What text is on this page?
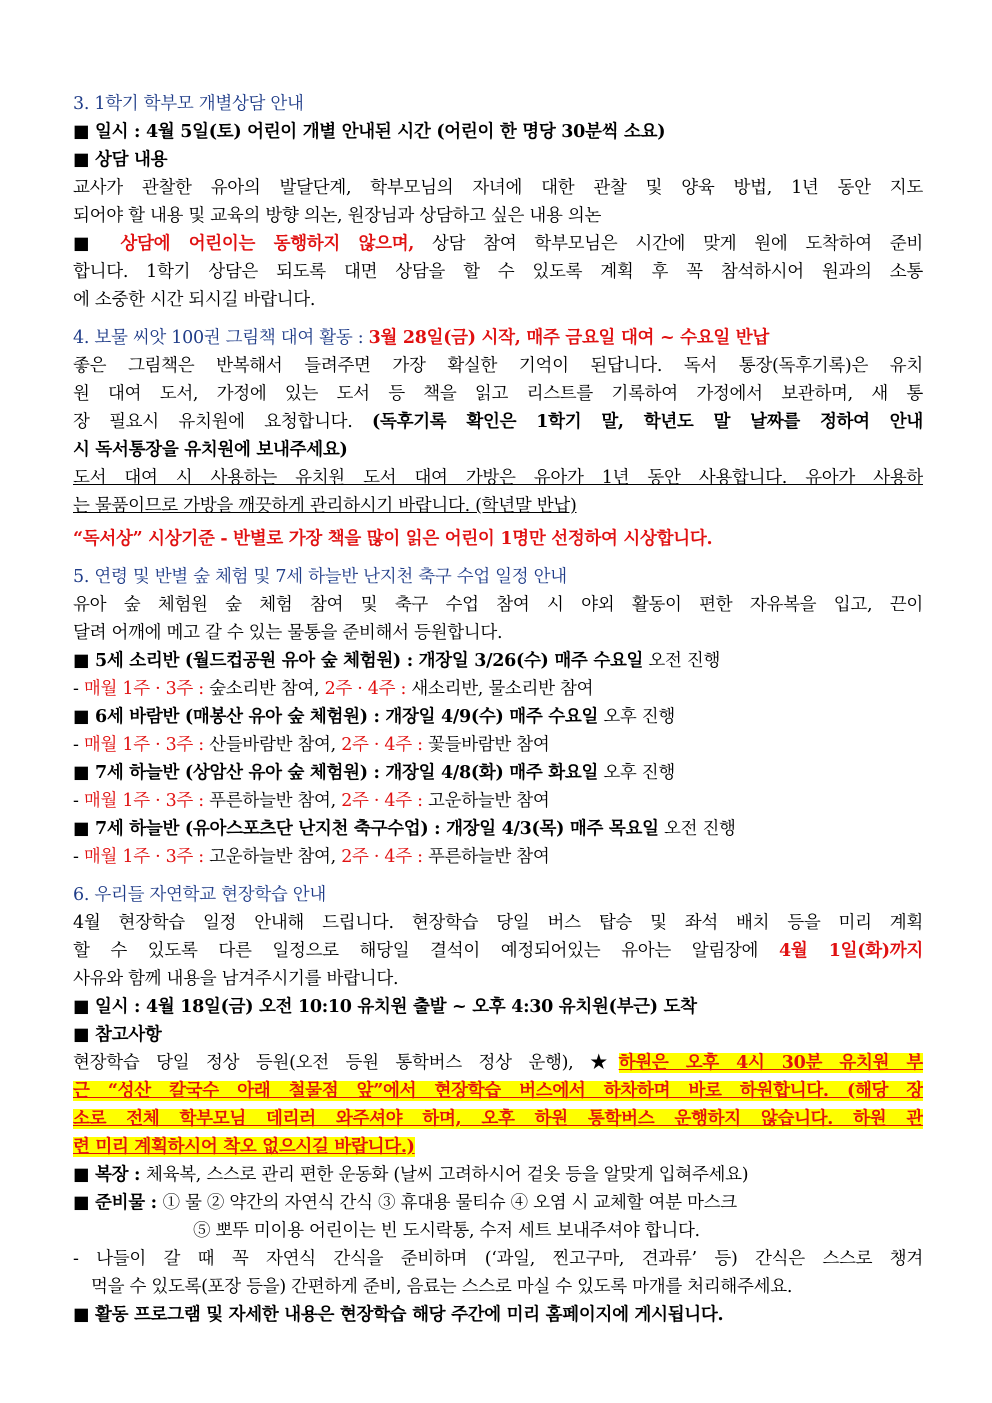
3. 1학기 학부모 개별상담 안내
■ 일시 : 4월 5일(토) 어린이 개별 안내된 시간 (어린이 한 명당 30분씩 소요)
■ 상담 내용
교사가 관찰한 유아의 발달단계, 학부모님의 자녀에 대한 관찰 및 양육 방법, 1년 동안 지도
되어야 할 내용 및 교육의 방향 의논, 원장님과 상담하고 싶은 내용 의논
■ 상담에 어린이는 동행하지 않으며, 상담 참여 학부모님은 시간에 맞게 원에 도착하여 준비
합니다. 1학기 상담은 되도록 대면 상담을 할 수 있도록 계획 후 꼭 참석하시어 원과의 소통
에 소중한 시간 되시길 바랍니다.
4. 보물 씨앗 100권 그림책 대여 활동 : 3월 28일(금) 시작, 매주 금요일 대여 ~ 수요일 반납
좋은 그림책은 반복해서 들려주면 가장 확실한 기억이 된답니다. 독서 통장(독후기록)은 유치
원 대여 도서, 가정에 있는 도서 등 책을 읽고 리스트를 기록하여 가정에서 보관하며, 새 통
장 필요시 유치원에 요청합니다. (독후기록 확인은 1학기 말, 학년도 말 날짜를 정하여 안내
시 독서통장을 유치원에 보내주세요)
도서 대여 시 사용하는 유치원 도서 대여 가방은 유아가 1년 동안 사용합니다. 유아가 사용하
는 물품이므로 가방을 깨끗하게 관리하시기 바랍니다. (학년말 반납)
“독서상” 시상기준 - 반별로 가장 책을 많이 읽은 어린이 1명만 선정하여 시상합니다.
5. 연령 및 반별 숲 체험 및 7세 하늘반 난지천 축구 수업 일정 안내
유아 숲 체험원 숲 체험 참여 및 축구 수업 참여 시 야외 활동이 편한 자유복을 입고, 끈이
달려 어깨에 메고 갈 수 있는 물통을 준비해서 등원합니다.
■ 5세 소리반 (월드컵공원 유아 숲 체험원) : 개장일 3/26(수) 매주 수요일 오전 진행
- 매월 1주 · 3주 : 숲소리반 참여, 2주 · 4주 : 새소리반, 물소리반 참여
■ 6세 바람반 (매봉산 유아 숲 체험원) : 개장일 4/9(수) 매주 수요일 오후 진행
- 매월 1주 · 3주 : 산들바람반 참여, 2주 · 4주 : 꽃들바람반 참여
■ 7세 하늘반 (상암산 유아 숲 체험원) : 개장일 4/8(화) 매주 화요일 오후 진행
- 매월 1주 · 3주 : 푸른하늘반 참여, 2주 · 4주 : 고운하늘반 참여
■ 7세 하늘반 (유아스포츠단 난지천 축구수업) : 개장일 4/3(목) 매주 목요일 오전 진행
- 매월 1주 · 3주 : 고운하늘반 참여, 2주 · 4주 : 푸른하늘반 참여
6. 우리들 자연학교 현장학습 안내
4월 현장학습 일정 안내해 드립니다. 현장학습 당일 버스 탑승 및 좌석 배치 등을 미리 계획
할 수 있도록 다른 일정으로 해당일 결석이 예정되어있는 유아는 알림장에 4월 1일(화)까지
사유와 함께 내용을 남겨주시기를 바랍니다.
■ 일시 : 4월 18일(금) 오전 10:10 유치원 출발 ~ 오후 4:30 유치원(부근) 도착
■ 참고사항
현장학습 당일 정상 등원(오전 등원 통학버스 정상 운행), ★하원은 오후 4시 30분 유치원 부
근 “성산 칼국수 아래 철물점 앞”에서 현장학습 버스에서 하차하며 바로 하원합니다. (해당 장
소로 전체 학부모님 데리러 와주셔야 하며, 오후 하원 통학버스 운행하지 않습니다. 하원 관
련 미리 계획하시어 착오 없으시길 바랍니다.)
■ 복장 : 체육복, 스스로 관리 편한 운동화 (날씨 고려하시어 겉옷 등을 알맞게 입혀주세요)
■ 준비물 : ① 물 ② 약간의 자연식 간식 ③ 휴대용 물티슈 ④ 오염 시 교체할 여분 마스크
⑤ 뽀뚜 미이용 어린이는 빈 도시락통, 수저 세트 보내주셔야 합니다.
- 나들이 갈 때 꼭 자연식 간식을 준비하며 (‘과일, 찐고구마, 견과류’ 등) 간식은 스스로 챙겨
먹을 수 있도록(포장 등을) 간편하게 준비, 음료는 스스로 마실 수 있도록 마개를 처리해주세요.
■ 활동 프로그램 및 자세한 내용은 현장학습 해당 주간에 미리 홈페이지에 게시됩니다.
